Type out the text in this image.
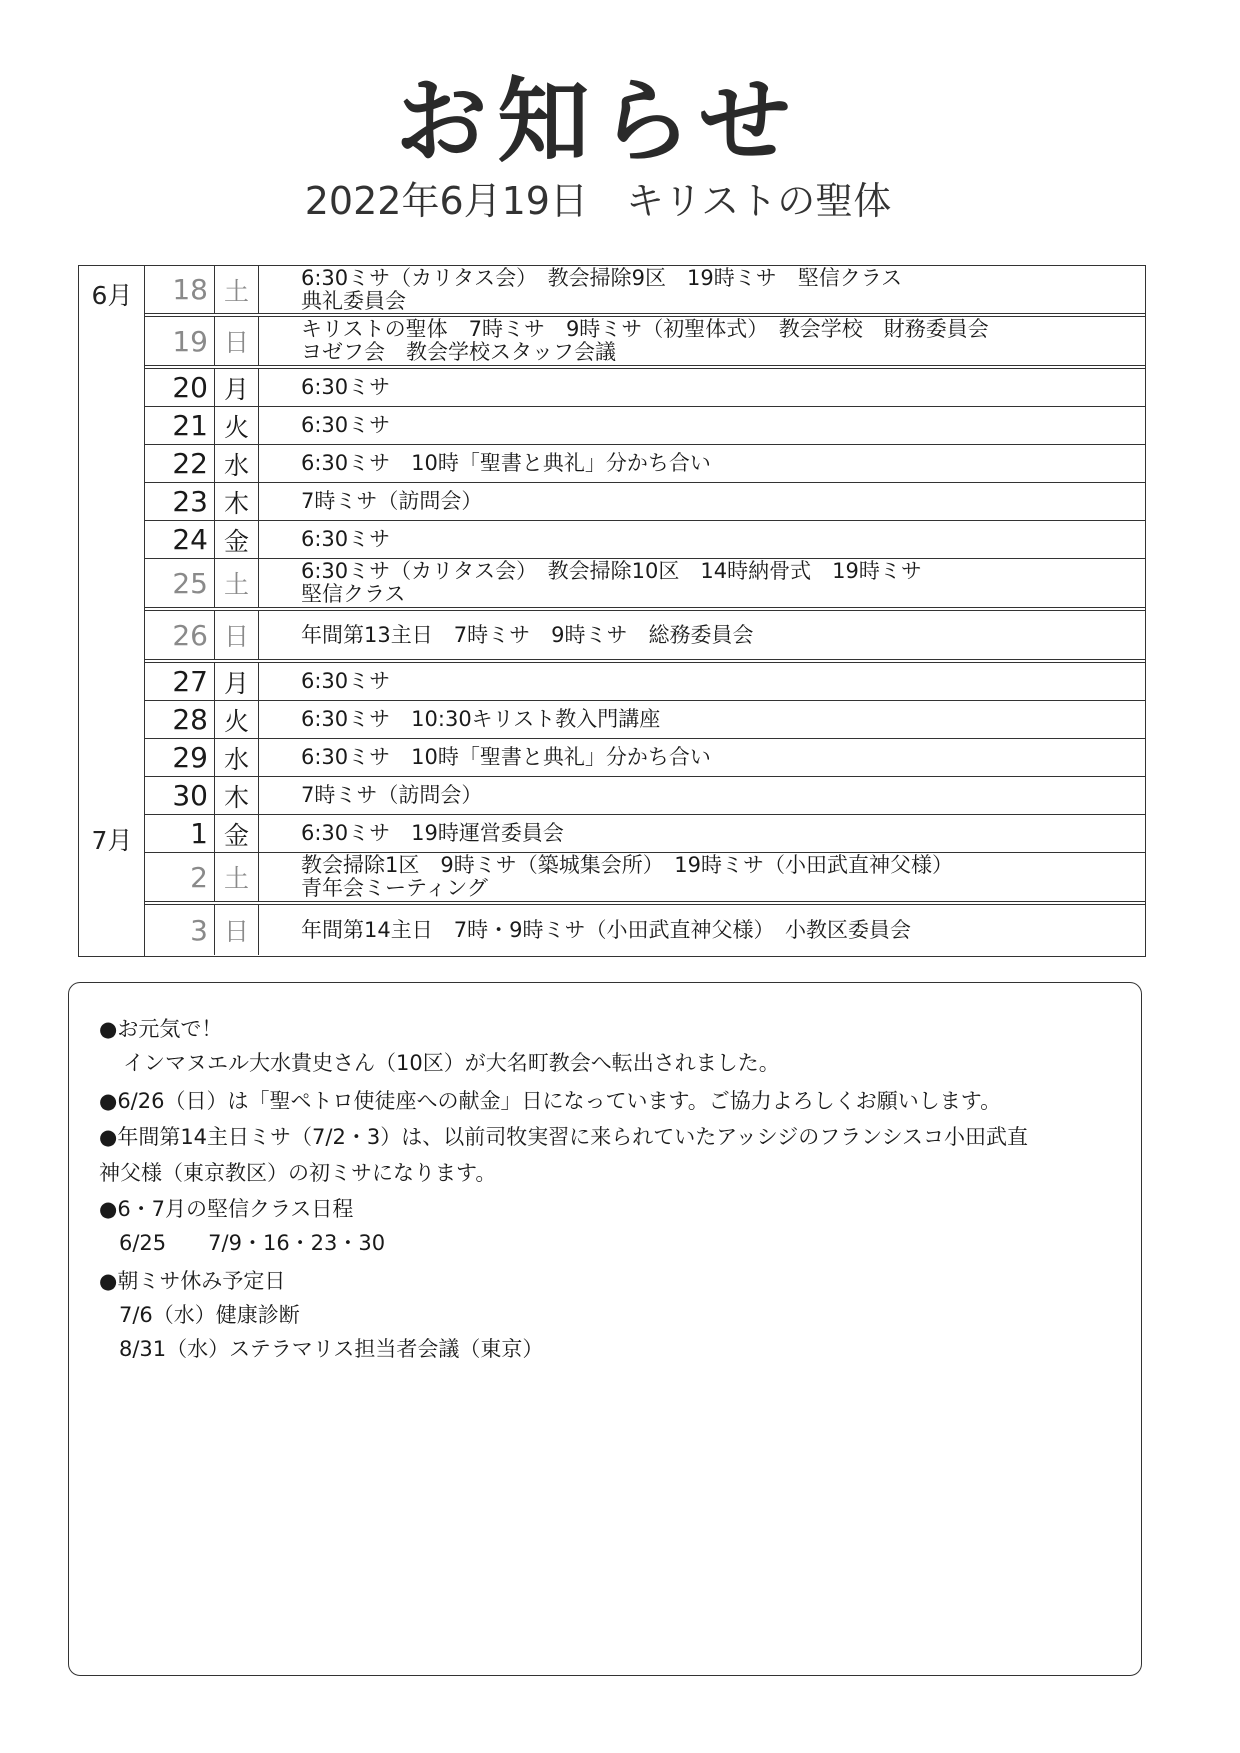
お知らせ
2022年6月19日　キリストの聖体
6月
7月
18 土	6:30ミサ（カリタス会）　教会掃除9区　19時ミサ　堅信クラス
典礼委員会
19 日	キリストの聖体　7時ミサ　9時ミサ（初聖体式）　教会学校　財務委員会
ヨゼフ会　教会学校スタッフ会議
20 月	6:30ミサ
21 火	6:30ミサ
22 水	6:30ミサ　10時「聖書と典礼」分かち合い
23 木	7時ミサ（訪問会）
24 金	6:30ミサ
25 土	6:30ミサ（カリタス会）　教会掃除10区　14時納骨式　19時ミサ
堅信クラス
26 日	年間第13主日　7時ミサ　9時ミサ　総務委員会
27 月	6:30ミサ
28 火	6:30ミサ　10:30キリスト教入門講座
29 水	6:30ミサ　10時「聖書と典礼」分かち合い
30 木	7時ミサ（訪問会）
1 金	6:30ミサ　19時運営委員会
2 土	教会掃除1区　9時ミサ（築城集会所）　19時ミサ（小田武直神父様）
青年会ミーティング
3 日	年間第14主日　7時・9時ミサ（小田武直神父様）　小教区委員会
●お元気で！
インマヌエル大水貴史さん（10区）が大名町教会へ転出されました。
●6/26（日）は「聖ペトロ使徒座への献金」日になっています。ご協力よろしくお願いします。
●年間第14主日ミサ（7/2・3）は、以前司牧実習に来られていたアッシジのフランシスコ小田武直
神父様（東京教区）の初ミサになります。
●6・7月の堅信クラス日程
6/25　　7/9・16・23・30
●朝ミサ休み予定日
7/6（水）健康診断
8/31（水）ステラマリス担当者会議（東京）
